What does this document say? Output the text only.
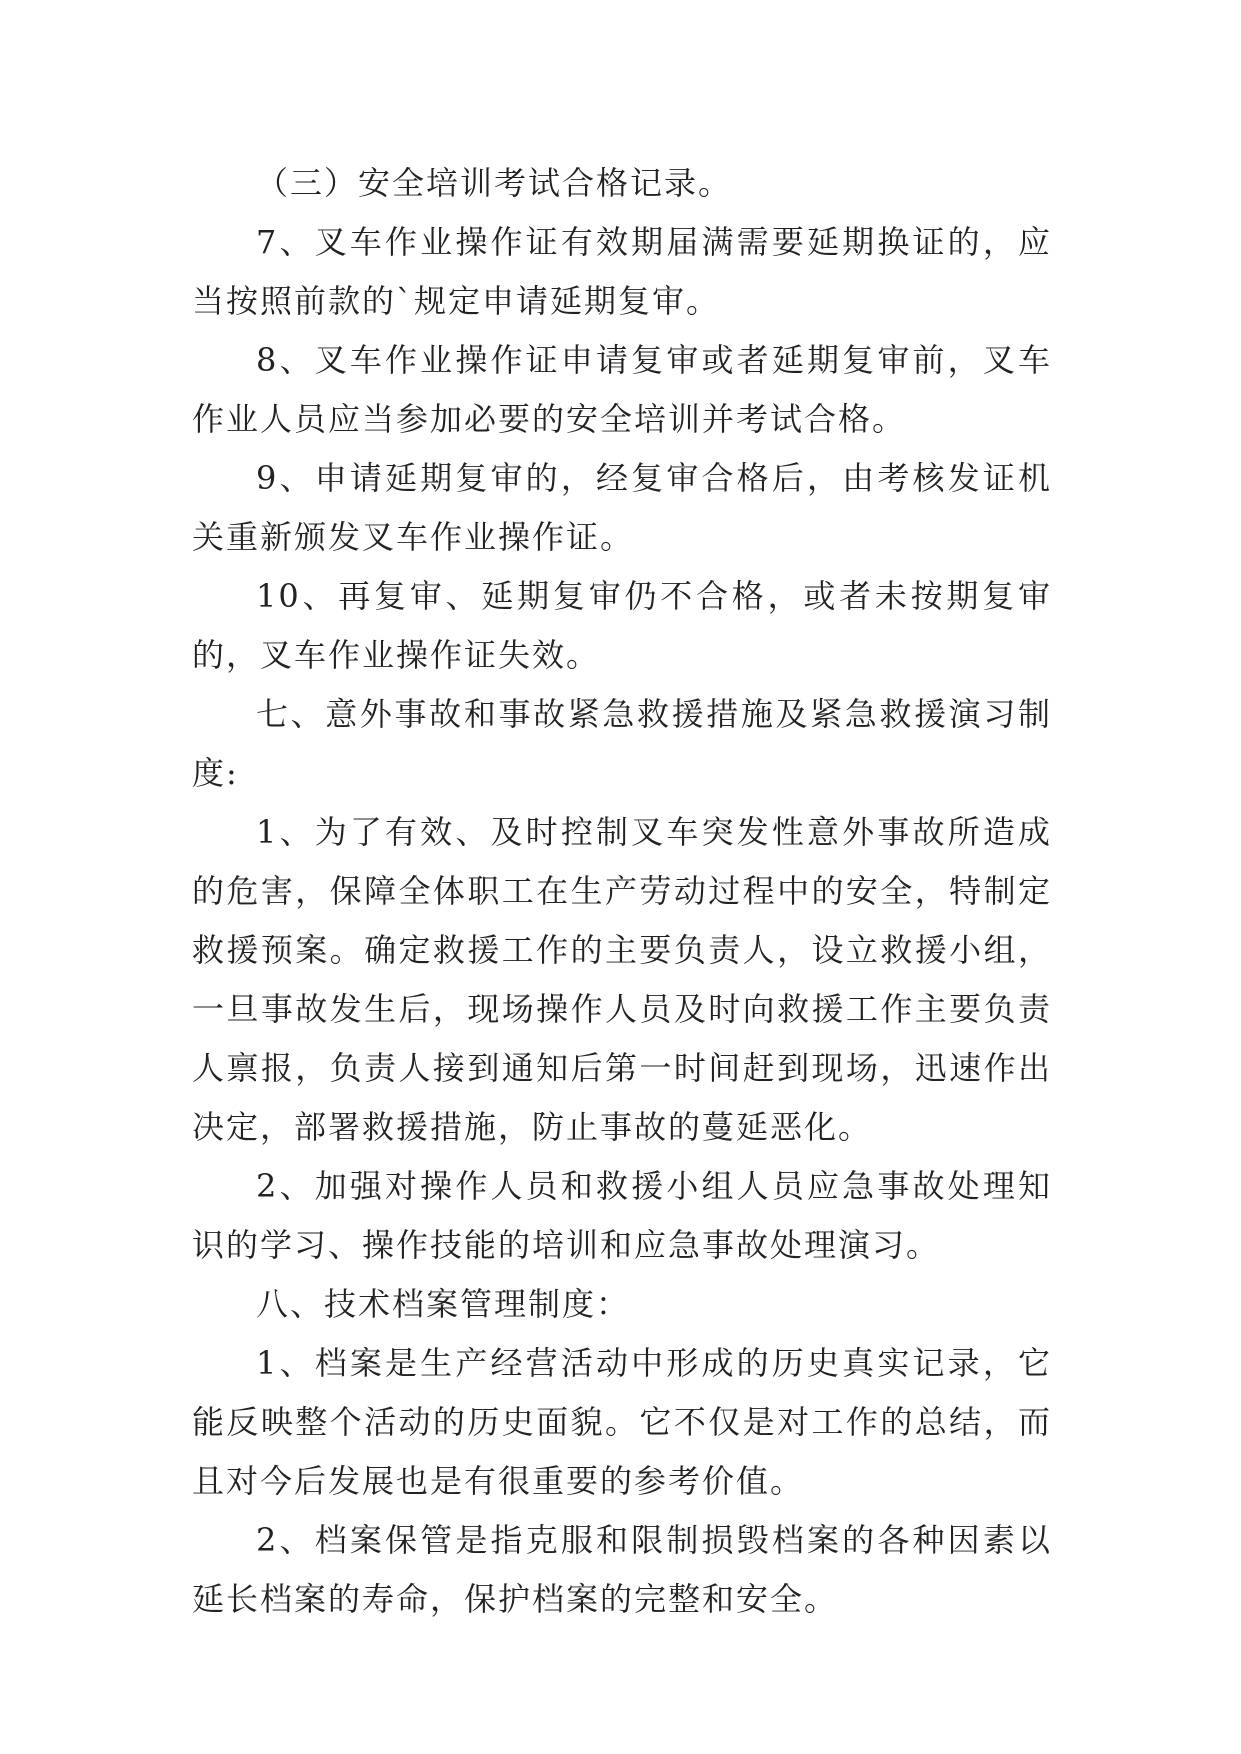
（三）安全培训考试合格记录。

7、叉车作业操作证有效期届满需要延期换证的，应当按照前款的`规定申请延期复审。

8、叉车作业操作证申请复审或者延期复审前，叉车作业人员应当参加必要的安全培训并考试合格。

9、申请延期复审的，经复审合格后，由考核发证机关重新颁发叉车作业操作证。

10、再复审、延期复审仍不合格，或者未按期复审的，叉车作业操作证失效。

七、意外事故和事故紧急救援措施及紧急救援演习制度:

1、为了有效、及时控制叉车突发性意外事故所造成的危害，保障全体职工在生产劳动过程中的安全，特制定救援预案。确定救援工作的主要负责人，设立救援小组，一旦事故发生后，现场操作人员及时向救援工作主要负责人禀报，负责人接到通知后第一时间赶到现场，迅速作出决定，部署救援措施，防止事故的蔓延恶化。

2、加强对操作人员和救援小组人员应急事故处理知识的学习、操作技能的培训和应急事故处理演习。

八、技术档案管理制度：

1、档案是生产经营活动中形成的历史真实记录，它能反映整个活动的历史面貌。它不仅是对工作的总结，而且对今后发展也是有很重要的参考价值。

2、档案保管是指克服和限制损毁档案的各种因素以延长档案的寿命，保护档案的完整和安全。
